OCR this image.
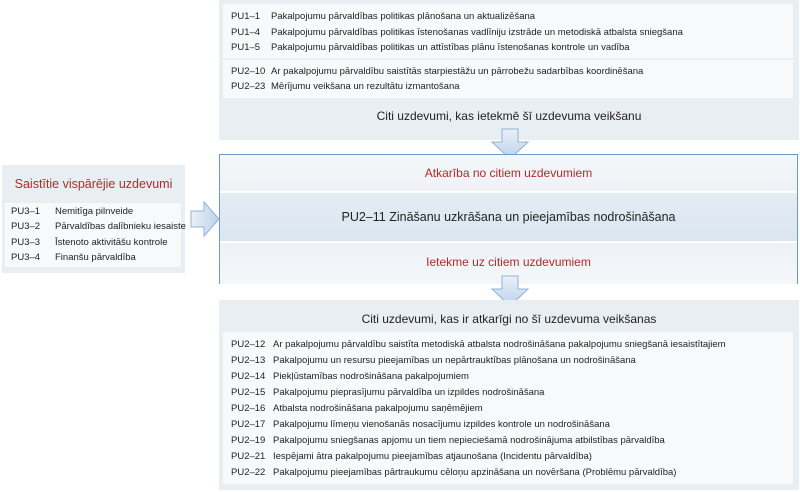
PU1–1 Pakalpojumu pārvaldības politikas plānošana un aktualizēšana
PU1–4 Pakalpojumu pārvaldības politikas īstenošanas vadlīniju izstrāde un metodiskā atbalsta sniegšana
PU1–5 Pakalpojumu pārvaldības politikas un attīstības plānu īstenošanas kontrole un vadība
PU2–10 Ar pakalpojumu pārvaldību saistītās starpiestāžu un pārrobežu sadarbības koordinēšana
PU2–23 Mērījumu veikšana un rezultātu izmantošana
Citi uzdevumi, kas ietekmē šī uzdevuma veikšanu
Atkarība no citiem uzdevumiem
PU2–11 Zināšanu uzkrāšana un pieejamības nodrošināšana
Ietekme uz citiem uzdevumiem
Saistītie vispārējie uzdevumi
PU3–1 Nemitīga pilnveide
PU3–2 Pārvaldības dalībnieku iesaiste
PU3–3 Īstenoto aktivitāšu kontrole
PU3–4 Finanšu pārvaldība
Citi uzdevumi, kas ir atkarīgi no šī uzdevuma veikšanas
PU2–12 Ar pakalpojumu pārvaldību saistīta metodiskā atbalsta nodrošināšana pakalpojumu sniegšanā iesaistītajiem
PU2–13 Pakalpojumu un resursu pieejamības un nepārtrauktības plānošana un nodrošināšana
PU2–14 Piekļūstamības nodrošināšana pakalpojumiem
PU2–15 Pakalpojumu pieprasījumu pārvaldība un izpildes nodrošināšana
PU2–16 Atbalsta nodrošināšana pakalpojumu saņēmējiem
PU2–17 Pakalpojumu līmeņu vienošanās nosacījumu izpildes kontrole un nodrošināšana
PU2–19 Pakalpojumu sniegšanas apjomu un tiem nepieciešamā nodrošinājuma atbilstības pārvaldība
PU2–21 Iespējami ātra pakalpojumu pieejamības atjaunošana (Incidentu pārvaldība)
PU2–22 Pakalpojumu pieejamības pārtraukumu cēloņu apzināšana un novēršana (Problēmu pārvaldība)
